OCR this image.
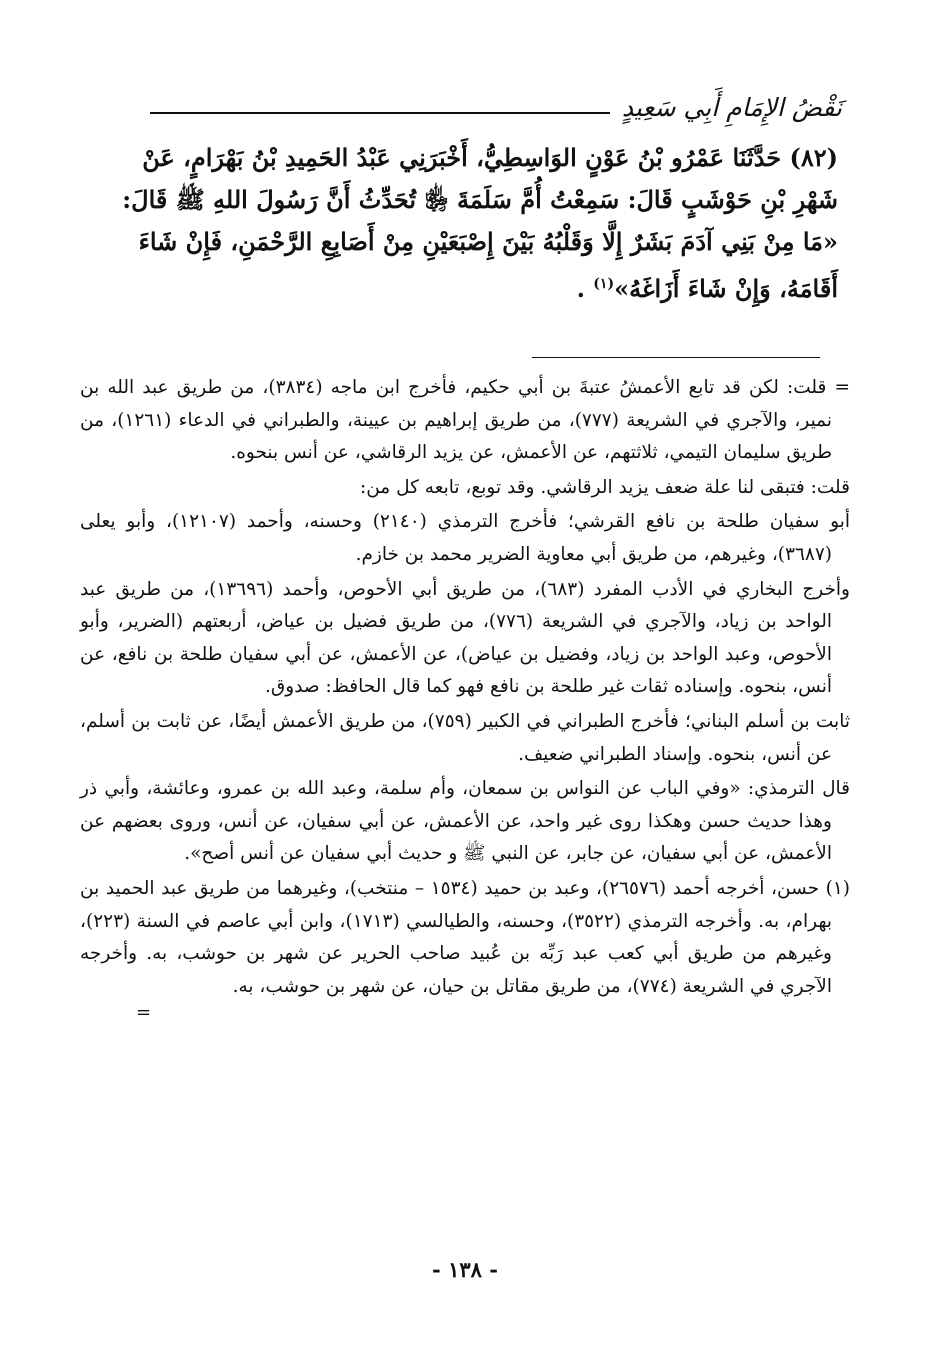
نَقْضُ الإِمَامِ أَبِي سَعِيدٍ

(٨٢) حَدَّثَنَا عَمْرُو بْنُ عَوْنٍ الوَاسِطِيُّ، أَخْبَرَنِي عَبْدُ الحَمِيدِ بْنُ بَهْرَامٍ، عَنْ

شَهْرِ بْنِ حَوْشَبٍ قَالَ: سَمِعْتُ أُمَّ سَلَمَةَ ﵂ تُحَدِّثُ أَنَّ رَسُولَ اللهِ ﷺ قَالَ:

«مَا مِنْ بَنِي آدَمَ بَشَرٌ إِلَّا وَقَلْبُهُ بَيْنَ إِصْبَعَيْنِ مِنْ أَصَابِعِ الرَّحْمَنِ، فَإِنْ شَاءَ

أَقَامَهُ، وَإِنْ شَاءَ أَزَاغَهُ»$^{(١)}$ .

= قلت: لكن قد تابع الأعمشُ عتبةَ بن أبي حكيم، فأخرج ابن ماجه (٣٨٣٤)، من طريق عبد الله بن نمير، والآجري في الشريعة (٧٧٧)، من طريق إبراهيم بن عيينة، والطبراني في الدعاء (١٢٦١)، من طريق سليمان التيمي، ثلاثتهم، عن الأعمش، عن يزيد الرقاشي، عن أنس بنحوه.

قلت: فتبقى لنا علة ضعف يزيد الرقاشي. وقد توبع، تابعه كل من:

أبو سفيان طلحة بن نافع القرشي؛ فأخرج الترمذي (٢١٤٠) وحسنه، وأحمد (١٢١٠٧)، وأبو يعلى (٣٦٨٧)، وغيرهم، من طريق أبي معاوية الضرير محمد بن خازم.

وأخرج البخاري في الأدب المفرد (٦٨٣)، من طريق أبي الأحوص، وأحمد (١٣٦٩٦)، من طريق عبد الواحد بن زياد، والآجري في الشريعة (٧٧٦)، من طريق فضيل بن عياض، أربعتهم (الضرير، وأبو الأحوص، وعبد الواحد بن زياد، وفضيل بن عياض)، عن الأعمش، عن أبي سفيان طلحة بن نافع، عن أنس، بنحوه. وإسناده ثقات غير طلحة بن نافع فهو كما قال الحافظ: صدوق.

ثابت بن أسلم البناني؛ فأخرج الطبراني في الكبير (٧٥٩)، من طريق الأعمش أيضًا، عن ثابت بن أسلم، عن أنس، بنحوه. وإسناد الطبراني ضعيف.

قال الترمذي: «وفي الباب عن النواس بن سمعان، وأم سلمة، وعبد الله بن عمرو، وعائشة، وأبي ذر وهذا حديث حسن وهكذا روى غير واحد، عن الأعمش، عن أبي سفيان، عن أنس، وروى بعضهم عن الأعمش، عن أبي سفيان، عن جابر، عن النبي ﷺ و حديث أبي سفيان عن أنس أصح».

(١) حسن، أخرجه أحمد (٢٦٥٧٦)، وعبد بن حميد (١٥٣٤ – منتخب)، وغيرهما من طريق عبد الحميد بن بهرام، به. وأخرجه الترمذي (٣٥٢٢)، وحسنه، والطيالسي (١٧١٣)، وابن أبي عاصم في السنة (٢٢٣)، وغيرهم من طريق أبي كعب عبد رَبِّه بن عُبيد صاحب الحرير عن شهر بن حوشب، به. وأخرجه الآجري في الشريعة (٧٧٤)، من طريق مقاتل بن حيان، عن شهر بن حوشب، به.

=
- ١٣٨ -
